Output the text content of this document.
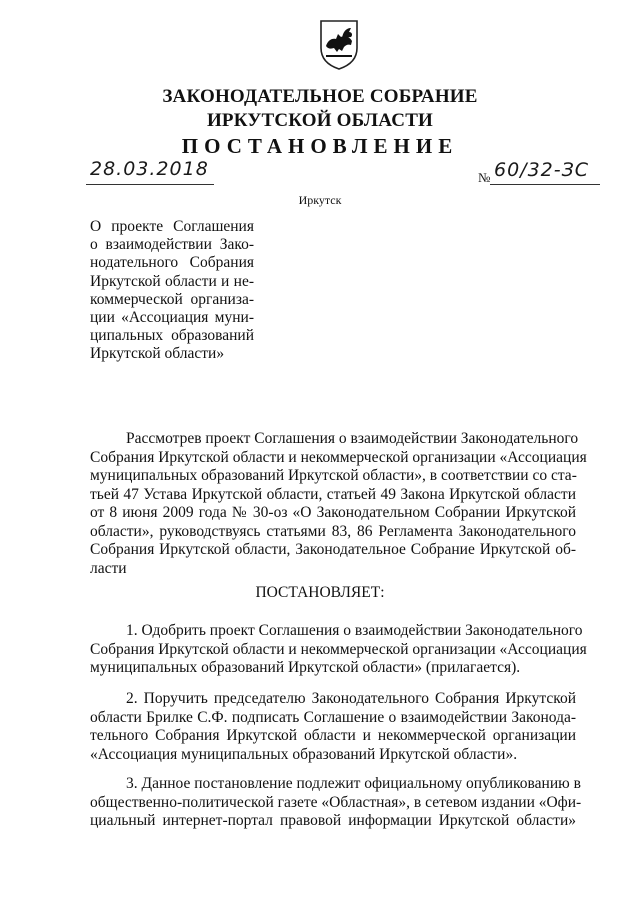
ЗАКОНОДАТЕЛЬНОЕ СОБРАНИЕ
ИРКУТСКОЙ ОБЛАСТИ
ПОСТАНОВЛЕНИЕ
28.03.2018	№ 60/32-ЗС
Иркутск
О проекте Соглашения
о взаимодействии Зако-
нодательного Собрания
Иркутской области и не-
коммерческой организа-
ции «Ассоциация муни-
ципальных образований
Иркутской области»
Рассмотрев проект Соглашения о взаимодействии Законодательного
Собрания Иркутской области и некоммерческой организации «Ассоциация
муниципальных образований Иркутской области», в соответствии со ста-
тьей 47 Устава Иркутской области, статьей 49 Закона Иркутской области
от 8 июня 2009 года № 30-оз «О Законодательном Собрании Иркутской
области», руководствуясь статьями 83, 86 Регламента Законодательного
Собрания Иркутской области, Законодательное Собрание Иркутской об-
ласти
ПОСТАНОВЛЯЕТ:
1. Одобрить проект Соглашения о взаимодействии Законодательного
Собрания Иркутской области и некоммерческой организации «Ассоциация
муниципальных образований Иркутской области» (прилагается).
2. Поручить председателю Законодательного Собрания Иркутской
области Брилке С.Ф. подписать Соглашение о взаимодействии Законода-
тельного Собрания Иркутской области и некоммерческой организации
«Ассоциация муниципальных образований Иркутской области».
3. Данное постановление подлежит официальному опубликованию в
общественно-политической газете «Областная», в сетевом издании «Офи-
циальный интернет-портал правовой информации Иркутской области»
